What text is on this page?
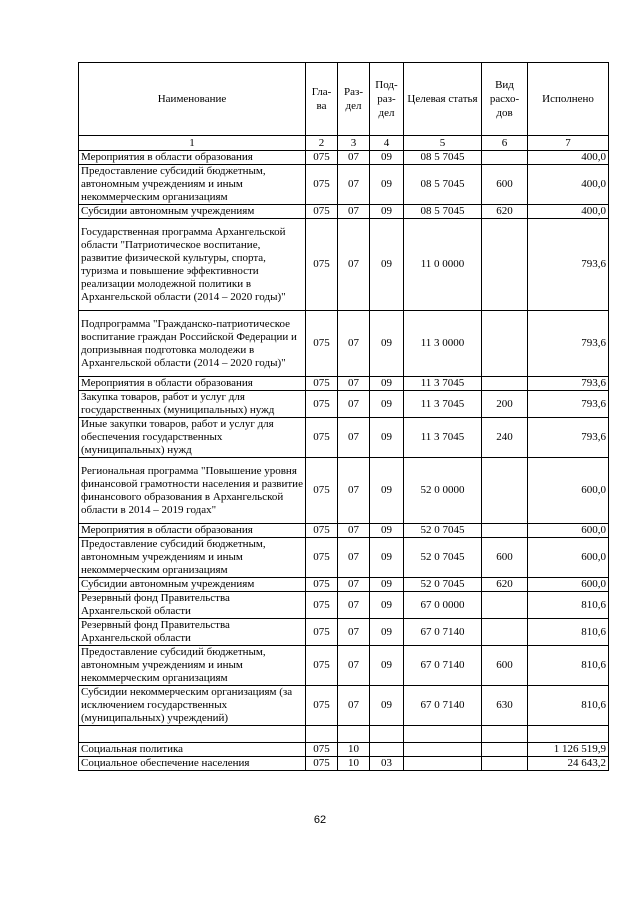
Наименование	Гла-ва	Раз-дел	Под-раз-дел	Целевая статья	Вид расхо-дов	Исполнено
1	2	3	4	5	6	7
Мероприятия в области образования	075	07	09	08 5 7045		400,0
Предоставление субсидий бюджетным, автономным учреждениям и иным некоммерческим организациям	075	07	09	08 5 7045	600	400,0
Субсидии автономным учреждениям	075	07	09	08 5 7045	620	400,0
Государственная программа Архангельской области "Патриотическое воспитание, развитие физической культуры, спорта, туризма и повышение эффективности реализации молодежной политики в Архангельской области (2014 – 2020 годы)"	075	07	09	11 0 0000		793,6
Подпрограмма "Гражданско-патриотическое воспитание граждан Российской Федерации и допризывная подготовка молодежи в Архангельской области (2014 – 2020 годы)"	075	07	09	11 3 0000		793,6
Мероприятия в области образования	075	07	09	11 3 7045		793,6
Закупка товаров, работ и услуг для государственных (муниципальных) нужд	075	07	09	11 3 7045	200	793,6
Иные закупки товаров, работ и услуг для обеспечения государственных (муниципальных) нужд	075	07	09	11 3 7045	240	793,6
Региональная программа "Повышение уровня финансовой грамотности населения и развитие финансового образования в Архангельской области в 2014 – 2019 годах"	075	07	09	52 0 0000		600,0
Мероприятия в области образования	075	07	09	52 0 7045		600,0
Предоставление субсидий бюджетным, автономным учреждениям и иным некоммерческим организациям	075	07	09	52 0 7045	600	600,0
Субсидии автономным учреждениям	075	07	09	52 0 7045	620	600,0
Резервный фонд Правительства Архангельской области	075	07	09	67 0 0000		810,6
Резервный фонд Правительства Архангельской области	075	07	09	67 0 7140		810,6
Предоставление субсидий бюджетным, автономным учреждениям и иным некоммерческим организациям	075	07	09	67 0 7140	600	810,6
Субсидии некоммерческим организациям (за исключением государственных (муниципальных) учреждений)	075	07	09	67 0 7140	630	810,6

Социальная политика	075	10				1 126 519,9
Социальное обеспечение населения	075	10	03			24 643,2
62
